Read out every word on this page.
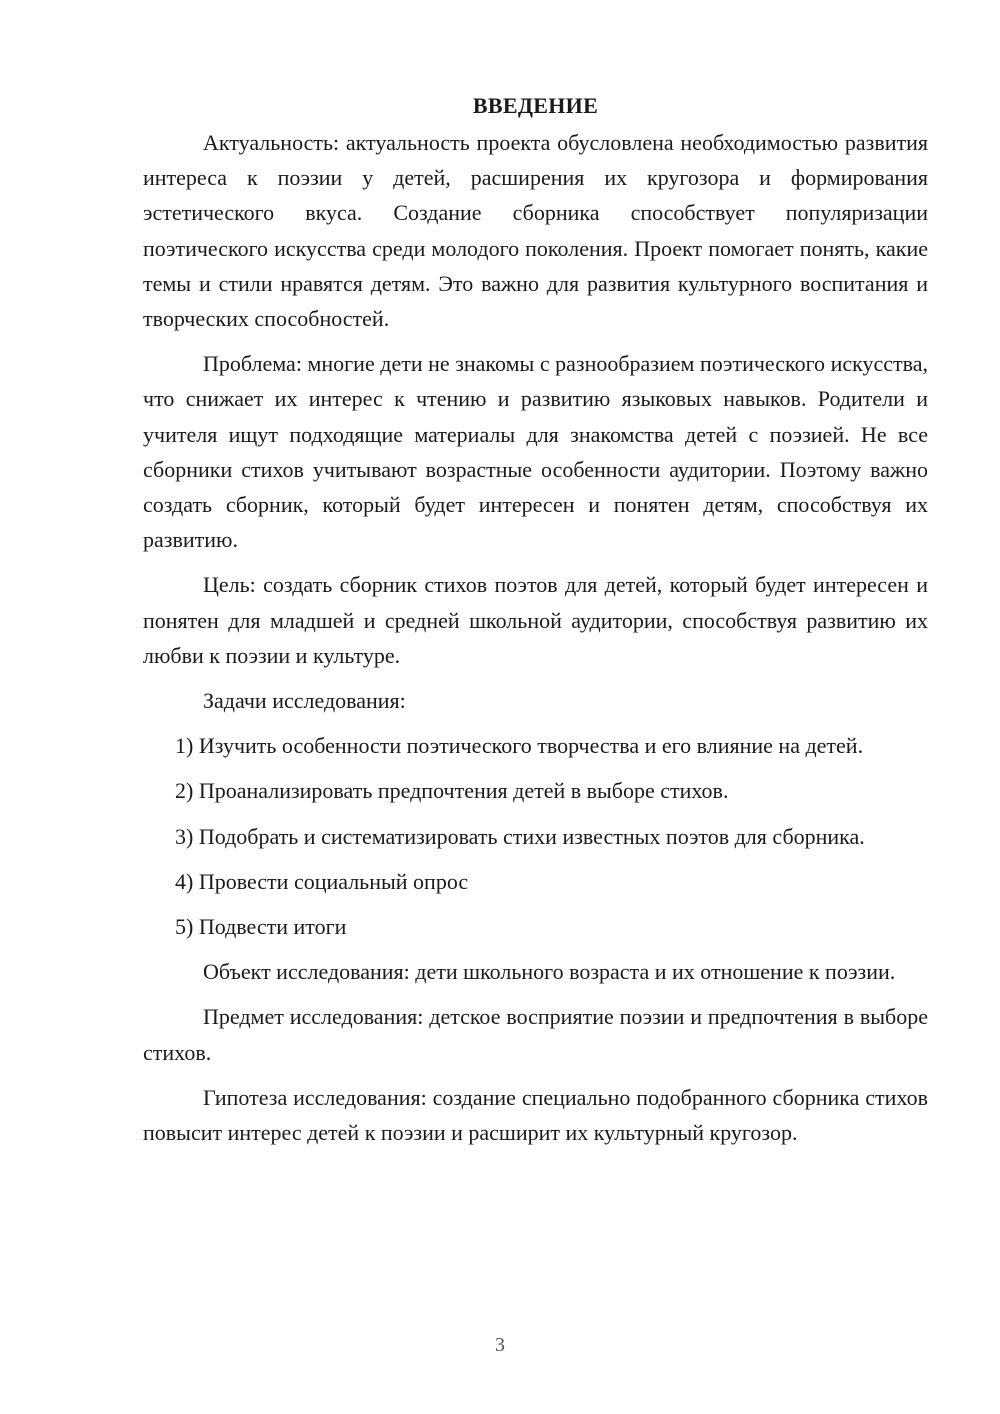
ВВЕДЕНИЕ

Актуальность: актуальность проекта обусловлена необходимостью развития интереса к поэзии у детей, расширения их кругозора и формирования эстетического вкуса. Создание сборника способствует популяризации поэтического искусства среди молодого поколения. Проект помогает понять, какие темы и стили нравятся детям. Это важно для развития культурного воспитания и творческих способностей.

Проблема: многие дети не знакомы с разнообразием поэтического искусства, что снижает их интерес к чтению и развитию языковых навыков. Родители и учителя ищут подходящие материалы для знакомства детей с поэзией. Не все сборники стихов учитывают возрастные особенности аудитории. Поэтому важно создать сборник, который будет интересен и понятен детям, способствуя их развитию.

Цель: создать сборник стихов поэтов для детей, который будет интересен и понятен для младшей и средней школьной аудитории, способствуя развитию их любви к поэзии и культуре.

Задачи исследования:

1) Изучить особенности поэтического творчества и его влияние на детей.

2) Проанализировать предпочтения детей в выборе стихов.

3) Подобрать и систематизировать стихи известных поэтов для сборника.

4) Провести социальный опрос

5) Подвести итоги

Объект исследования: дети школьного возраста и их отношение к поэзии.

Предмет исследования: детское восприятие поэзии и предпочтения в выборе стихов.

Гипотеза исследования: создание специально подобранного сборника стихов повысит интерес детей к поэзии и расширит их культурный кругозор.

3
